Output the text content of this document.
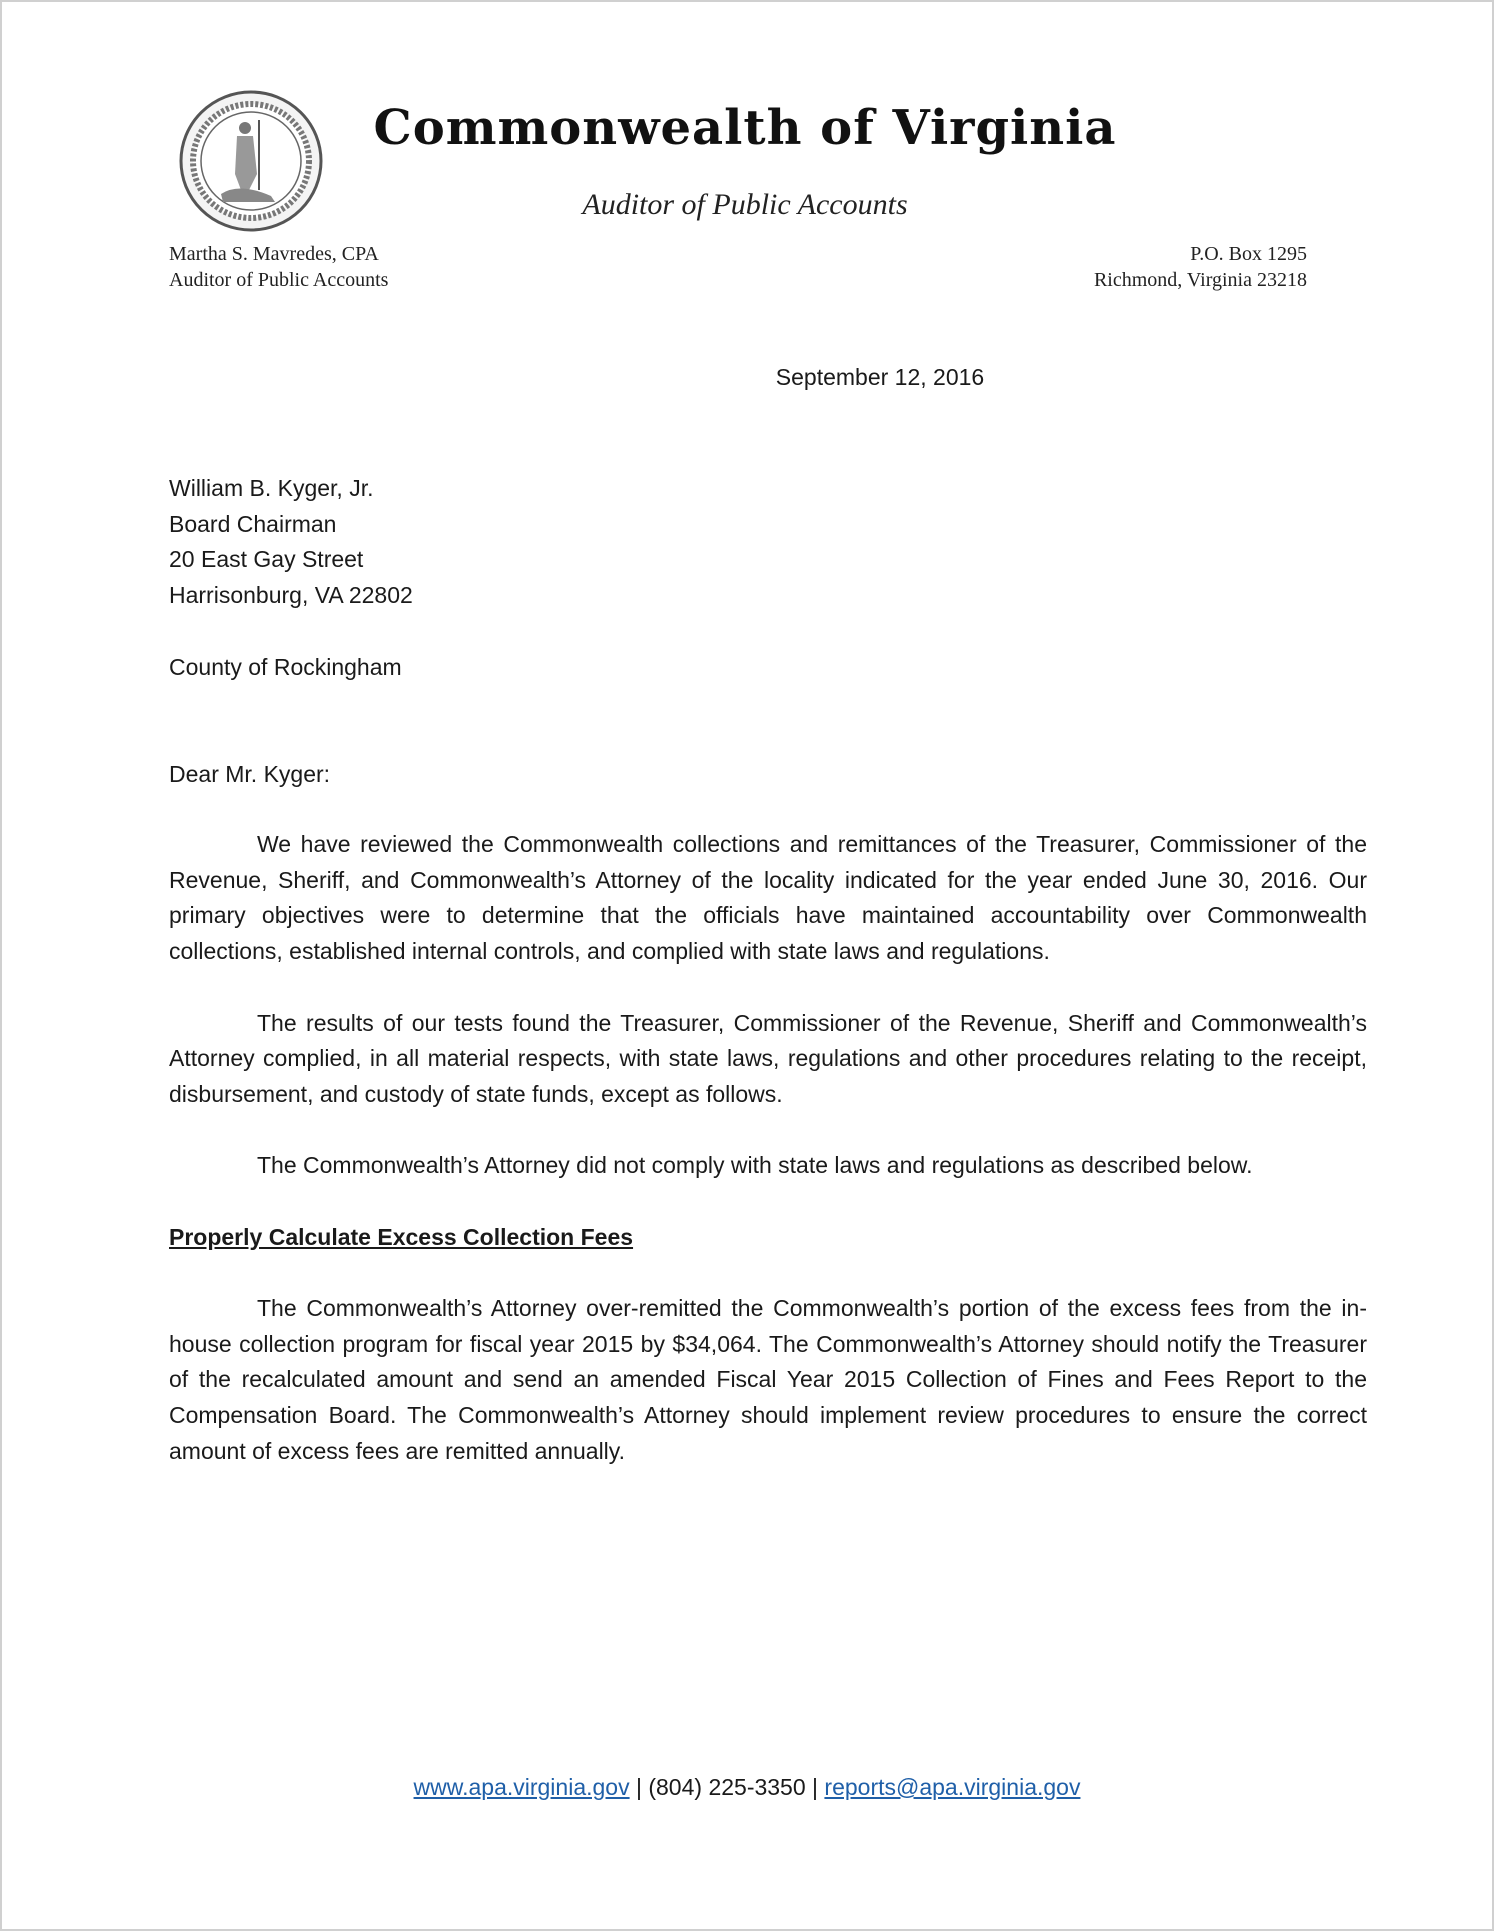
Commonwealth of Virginia
Auditor of Public Accounts
Martha S. Mavredes, CPA
Auditor of Public Accounts
P.O. Box 1295
Richmond, Virginia 23218
September 12, 2016
William B. Kyger, Jr.
Board Chairman
20 East Gay Street
Harrisonburg, VA 22802
County of Rockingham
Dear Mr. Kyger:

We have reviewed the Commonwealth collections and remittances of the Treasurer, Commissioner of the Revenue, Sheriff, and Commonwealth’s Attorney of the locality indicated for the year ended June 30, 2016. Our primary objectives were to determine that the officials have maintained accountability over Commonwealth collections, established internal controls, and complied with state laws and regulations.

The results of our tests found the Treasurer, Commissioner of the Revenue, Sheriff and Commonwealth’s Attorney complied, in all material respects, with state laws, regulations and other procedures relating to the receipt, disbursement, and custody of state funds, except as follows.

The Commonwealth’s Attorney did not comply with state laws and regulations as described below.

Properly Calculate Excess Collection Fees

The Commonwealth’s Attorney over-remitted the Commonwealth’s portion of the excess fees from the in-house collection program for fiscal year 2015 by $34,064. The Commonwealth’s Attorney should notify the Treasurer of the recalculated amount and send an amended Fiscal Year 2015 Collection of Fines and Fees Report to the Compensation Board. The Commonwealth’s Attorney should implement review procedures to ensure the correct amount of excess fees are remitted annually.

www.apa.virginia.gov | (804) 225-3350 | reports@apa.virginia.gov
